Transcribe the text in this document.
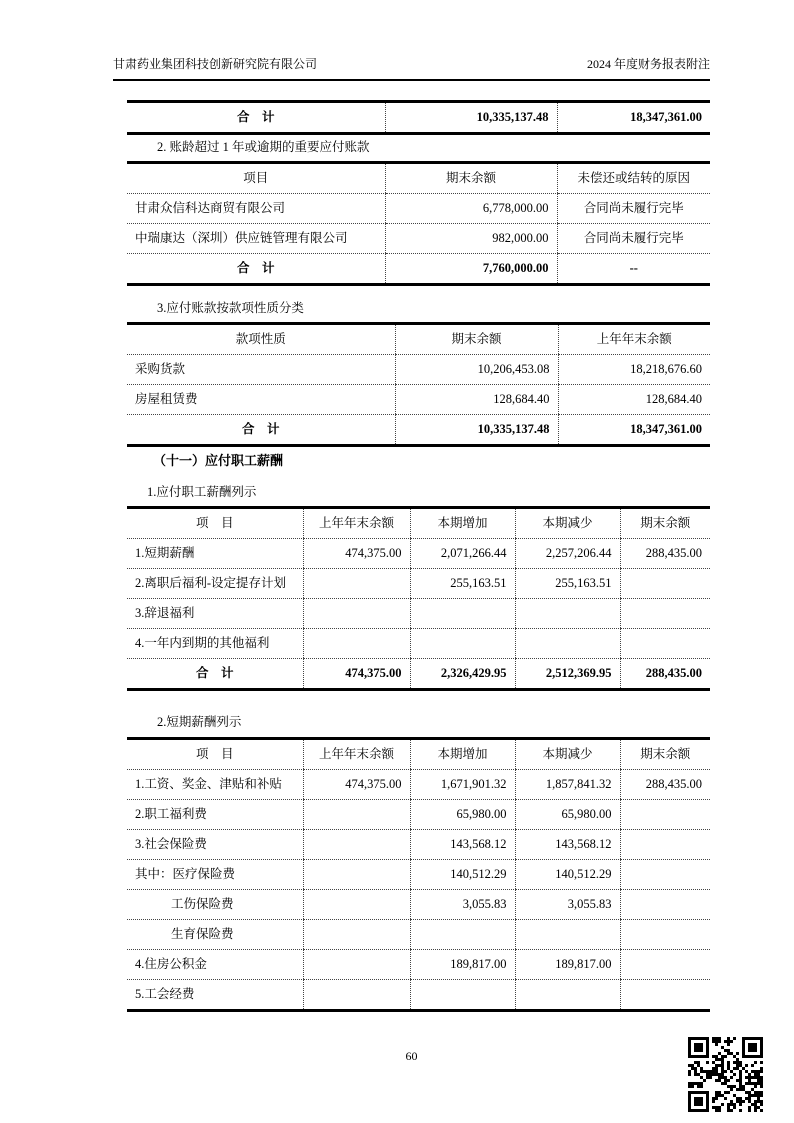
甘肃药业集团科技创新研究院有限公司	2024 年度财务报表附注
合　计	10,335,137.48	18,347,361.00
2. 账龄超过 1 年或逾期的重要应付账款
项目	期末余额	未偿还或结转的原因
甘肃众信科达商贸有限公司	6,778,000.00	合同尚未履行完毕
中瑞康达（深圳）供应链管理有限公司	982,000.00	合同尚未履行完毕
合　计	7,760,000.00	--
3.应付账款按款项性质分类
款项性质	期末余额	上年年末余额
采购货款	10,206,453.08	18,218,676.60
房屋租赁费	128,684.40	128,684.40
合　计	10,335,137.48	18,347,361.00
（十一）应付职工薪酬
1.应付职工薪酬列示
项　目	上年年末余额	本期增加	本期减少	期末余额
1.短期薪酬	474,375.00	2,071,266.44	2,257,206.44	288,435.00
2.离职后福利-设定提存计划		255,163.51	255,163.51	
3.辞退福利				
4.一年内到期的其他福利				
合　计	474,375.00	2,326,429.95	2,512,369.95	288,435.00
2.短期薪酬列示
项　目	上年年末余额	本期增加	本期减少	期末余额
1.工资、奖金、津贴和补贴	474,375.00	1,671,901.32	1,857,841.32	288,435.00
2.职工福利费		65,980.00	65,980.00	
3.社会保险费		143,568.12	143,568.12	
其中：医疗保险费		140,512.29	140,512.29	
工伤保险费		3,055.83	3,055.83	
生育保险费				
4.住房公积金		189,817.00	189,817.00	
5.工会经费				
60
